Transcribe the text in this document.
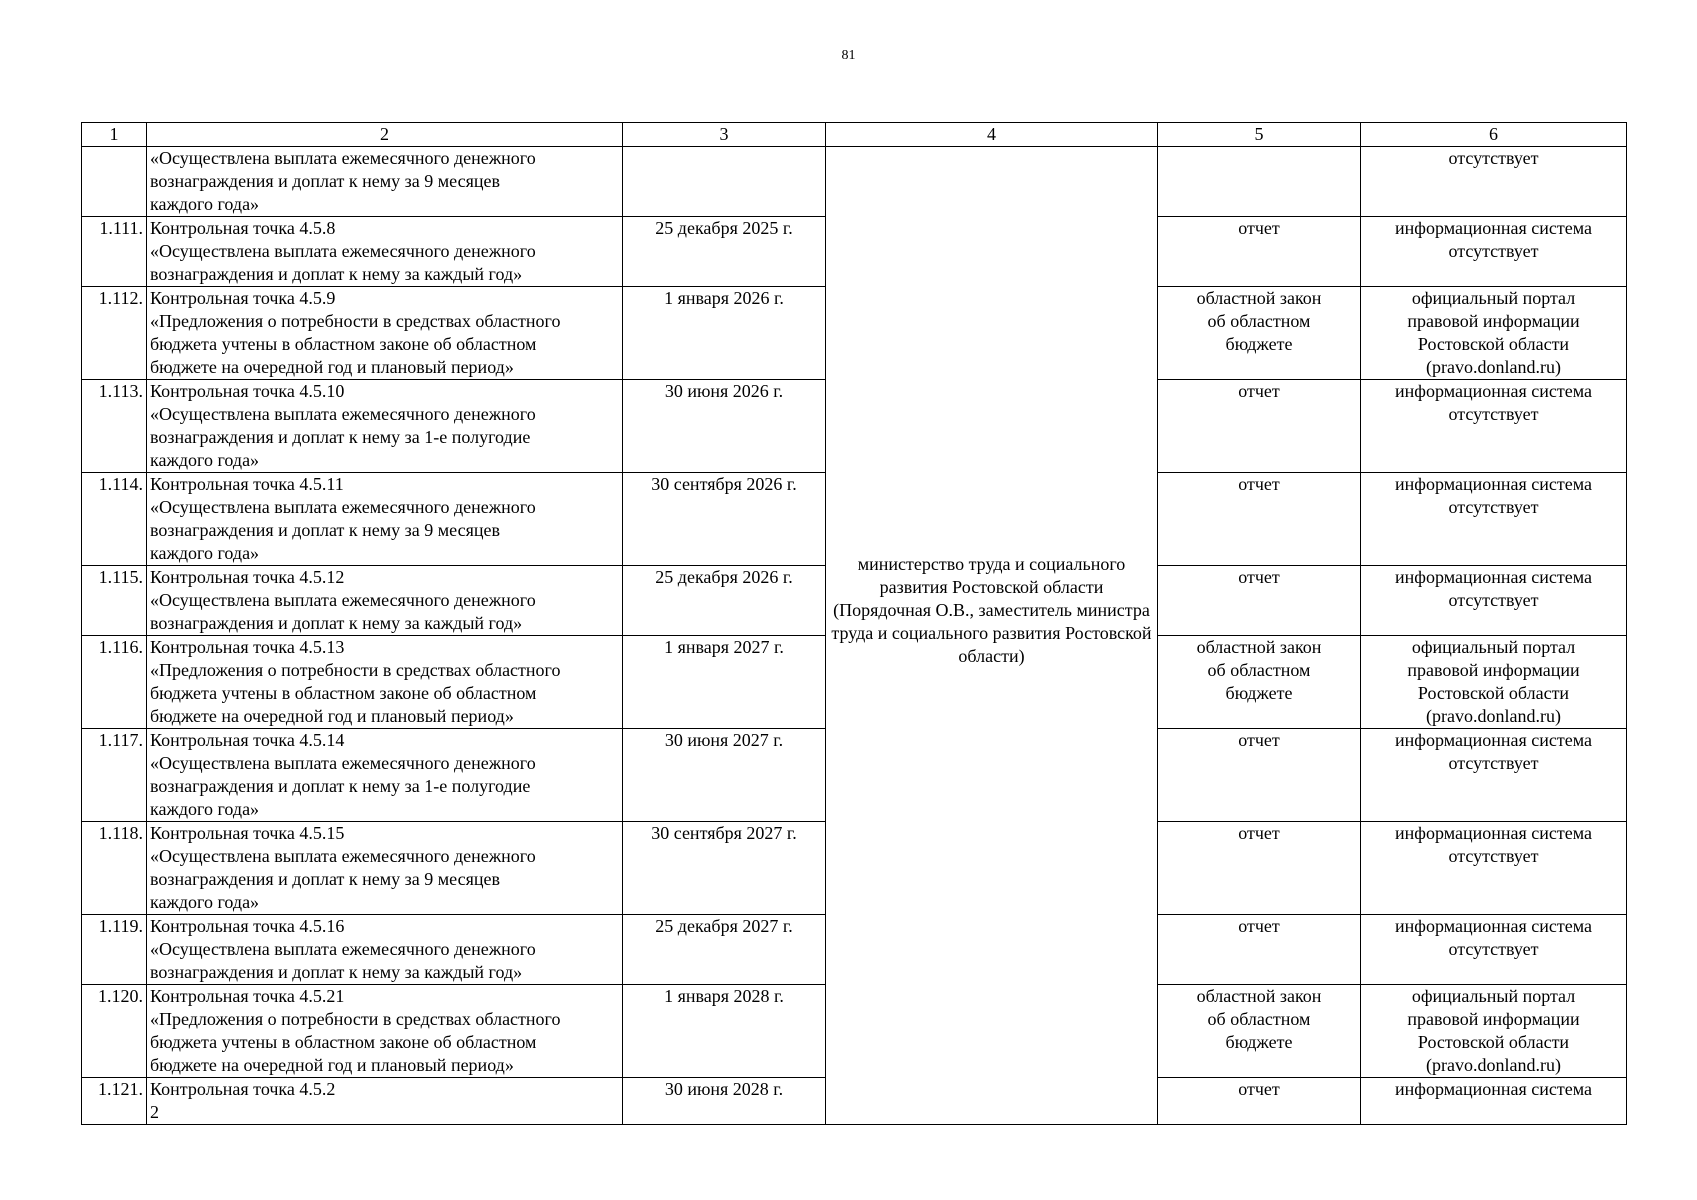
81
1	2	3	4	5	6

	«Осуществлена выплата ежемесячного денежного
вознаграждения и доплат к нему за 9 месяцев
каждого года»		министерство труда и социального развития Ростовской области (Порядочная О.В., заместитель министра труда и социального развития Ростовской области)		отсутствует
1.111.	Контрольная точка 4.5.8
«Осуществлена выплата ежемесячного денежного
вознаграждения и доплат к нему за каждый год»	25 декабря 2025 г.		отчет	информационная система
отсутствует

1.112.	Контрольная точка 4.5.9
«Предложения о потребности в средствах областного
бюджета учтены в областном законе об областном
бюджете на очередной год и плановый период»	1 января 2026 г.		областной закон
об областном
бюджете	официальный портал
правовой информации
Ростовской области
(pravo.donland.ru)

1.113.	Контрольная точка 4.5.10
«Осуществлена выплата ежемесячного денежного
вознаграждения и доплат к нему за 1-е полугодие
каждого года»	30 июня 2026 г.		отчет	информационная система
отсутствует

1.114.	Контрольная точка 4.5.11
«Осуществлена выплата ежемесячного денежного
вознаграждения и доплат к нему за 9 месяцев
каждого года»	30 сентября 2026 г.		отчет	информационная система
отсутствует

1.115.	Контрольная точка 4.5.12
«Осуществлена выплата ежемесячного денежного
вознаграждения и доплат к нему за каждый год»	25 декабря 2026 г.		отчет	информационная система
отсутствует

1.116.	Контрольная точка 4.5.13
«Предложения о потребности в средствах областного
бюджета учтены в областном законе об областном
бюджете на очередной год и плановый период»	1 января 2027 г.		областной закон
об областном
бюджете	официальный портал
правовой информации
Ростовской области
(pravo.donland.ru)

1.117.	Контрольная точка 4.5.14
«Осуществлена выплата ежемесячного денежного
вознаграждения и доплат к нему за 1-е полугодие
каждого года»	30 июня 2027 г.		отчет	информационная система
отсутствует

1.118.	Контрольная точка 4.5.15
«Осуществлена выплата ежемесячного денежного
вознаграждения и доплат к нему за 9 месяцев
каждого года»	30 сентября 2027 г.		отчет	информационная система
отсутствует

1.119.	Контрольная точка 4.5.16
«Осуществлена выплата ежемесячного денежного
вознаграждения и доплат к нему за каждый год»	25 декабря 2027 г.		отчет	информационная система
отсутствует

1.120.	Контрольная точка 4.5.21
«Предложения о потребности в средствах областного
бюджета учтены в областном законе об областном
бюджете на очередной год и плановый период»	1 января 2028 г.		областной закон
об областном
бюджете	официальный портал
правовой информации
Ростовской области
(pravo.donland.ru)

1.121.	Контрольная точка 4.5.2
2	30 июня 2028 г.		отчет	информационная система
